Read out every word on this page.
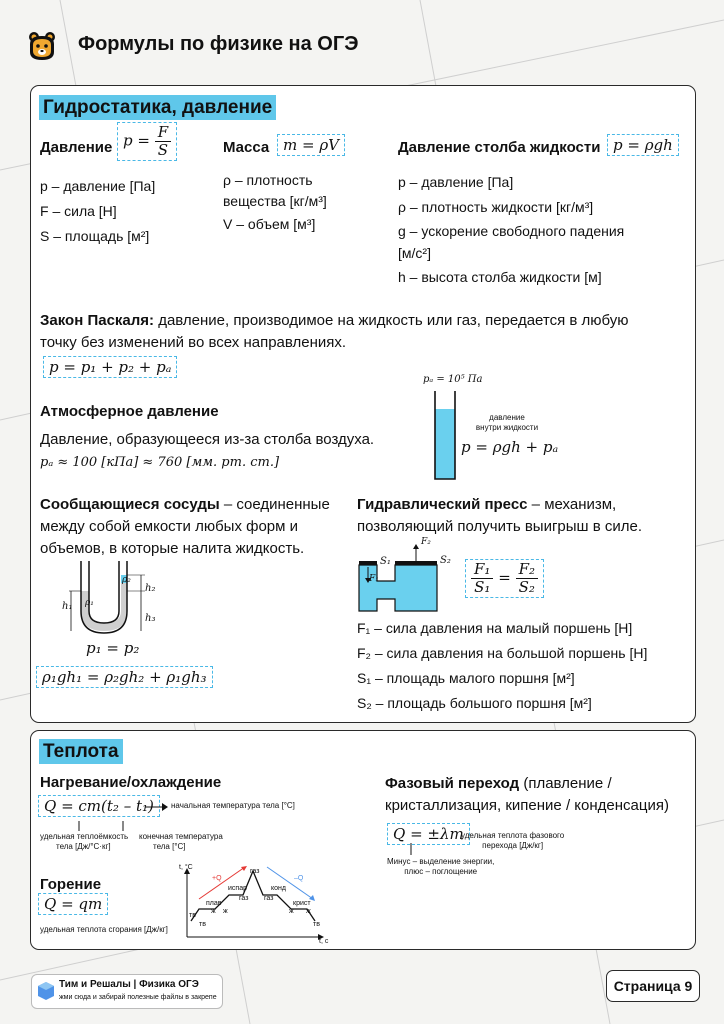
Формулы по физике на ОГЭ
Гидростатика, давление
Давление $p = \frac{F}{S}$
p – давление [Па]
F – сила [Н]
S – площадь [м²]
Масса m = ρV
ρ – плотность
вещества [кг/м³]
V – объем [м³]
Давление столба жидкости p = ρgh
p – давление [Па]
ρ – плотность жидкости [кг/м³]
g – ускорение свободного падения
[м/с²]
h – высота столба жидкости [м]
Закон Паскаля: давление, производимое на жидкость или газ, передается в любую
точку без изменений во всех направлениях.
p = p₁ + p₂ + pₐ
Атмосферное давление
Давление, образующееся из-за столба воздуха.
pₐ ≈ 100 [кПа] ≈ 760 [мм. рт. ст.]
pₐ = 10⁵ Па
давление
внутри жидкости
p = ρgh + pₐ
Сообщающиеся сосуды – соединенные
между собой емкости любых форм и
объемов, в которые налита жидкость.
h₁ ρ₁
ρ₂
h₂
h₃
p₁ = p₂
ρ₁gh₁ = ρ₂gh₂ + ρ₁gh₃
Гидравлический пресс – механизм,
позволяющий получить выигрыш в силе.
S₁	S₂
F₁
F₂
$\frac{\text{F₁}}{\text{S₁}} = \frac{\text{F₂}}{\text{S₂}}$
F₁ – сила давления на малый поршень [Н]
F₂ – сила давления на большой поршень [Н]
S₁ – площадь малого поршня [м²]
S₂ – площадь большого поршня [м²]
Теплота
Нагревание/охлаждение
Q = cm(t₂ – t₁)	начальная температура тела [°C]
удельная теплоёмкость
тела [Дж/°C·кг]
конечная температура
тела [°C]
Горение
Q = qm
удельная теплота сгорания [Дж/кг]
t, °C
t, с
+Q	–Q
тв
плав
ж
испар
газ
газ
конд
ж
крист
тв
ж
газ
ж
тв
Фазовый переход (плавление /
кристаллизация, кипение / конденсация)
Q = ±λm
удельная теплота фазового
перехода [Дж/кг]
Минус – выделение энергии,
плюс – поглощение
Тим и Решалы | Физика ОГЭ
жми сюда и забирай полезные файлы в закрепе
Страница 9
